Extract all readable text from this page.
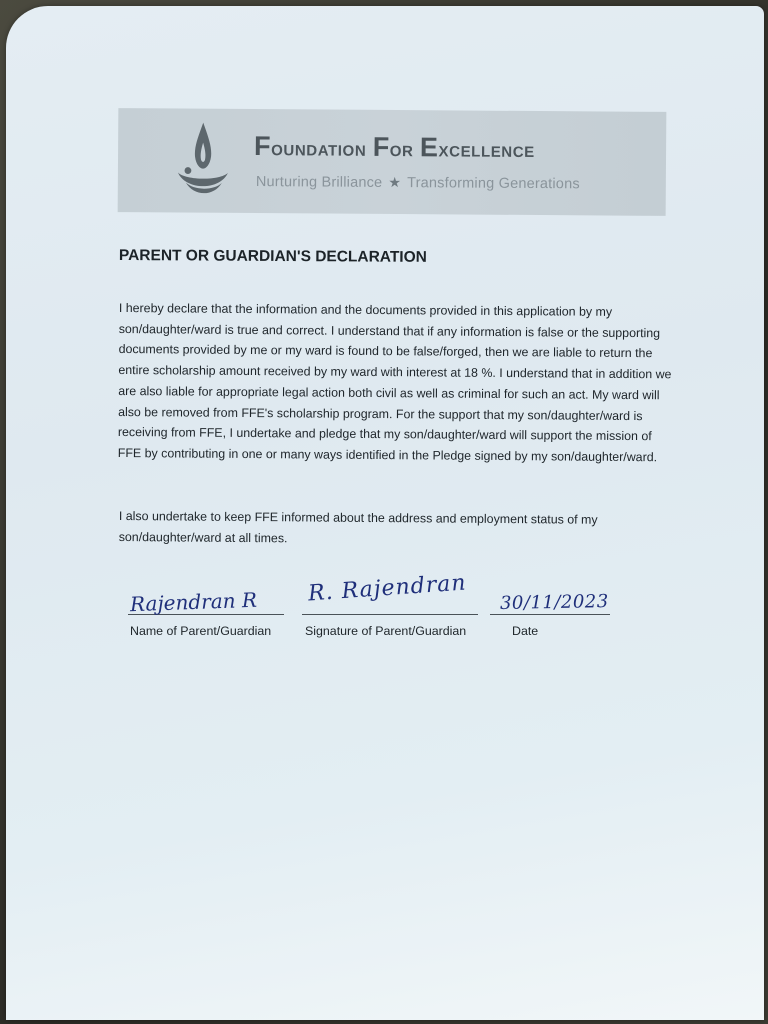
Foundation For Excellence
Nurturing Brilliance ★ Transforming Generations
PARENT OR GUARDIAN'S DECLARATION
I hereby declare that the information and the documents provided in this application by my son/daughter/ward is true and correct. I understand that if any information is false or the supporting documents provided by me or my ward is found to be false/forged, then we are liable to return the entire scholarship amount received by my ward with interest at 18 %. I understand that in addition we are also liable for appropriate legal action both civil as well as criminal for such an act. My ward will also be removed from FFE's scholarship program. For the support that my son/daughter/ward is receiving from FFE, I undertake and pledge that my son/daughter/ward will support the mission of FFE by contributing in one or many ways identified in the Pledge signed by my son/daughter/ward.
I also undertake to keep FFE informed about the address and employment status of my son/daughter/ward at all times.
Rajendran R R. Rajendran 30/11/2023
Name of Parent/Guardian	Signature of Parent/Guardian	Date
